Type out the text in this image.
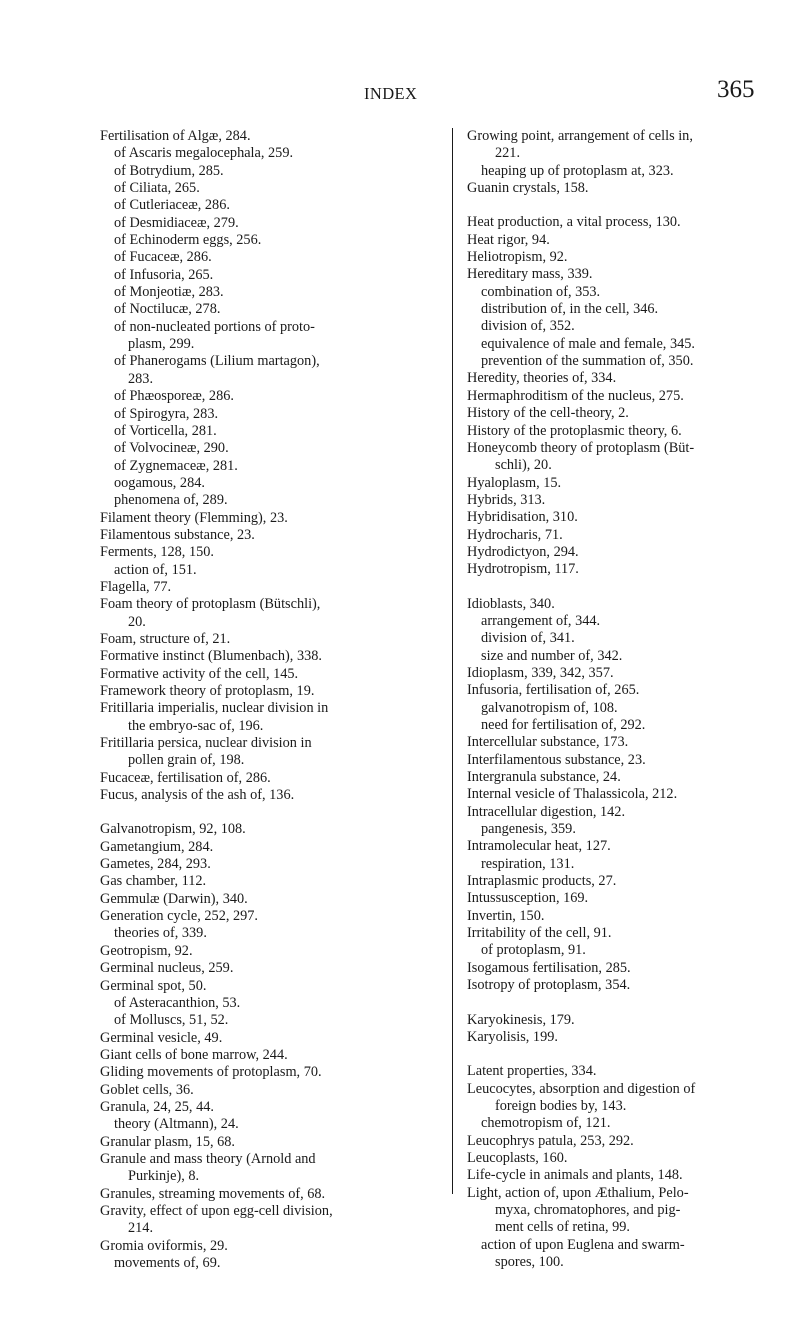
INDEX	365
Fertilisation of Algæ, 284.
of Ascaris megalocephala, 259.
of Botrydium, 285.
of Ciliata, 265.
of Cutleriaceæ, 286.
of Desmidiaceæ, 279.
of Echinoderm eggs, 256.
of Fucaceæ, 286.
of Infusoria, 265.
of Monjeotiæ, 283.
of Noctilucæ, 278.
of non-nucleated portions of proto-
plasm, 299.
of Phanerogams (Lilium martagon),
283.
of Phæosporeæ, 286.
of Spirogyra, 283.
of Vorticella, 281.
of Volvocineæ, 290.
of Zygnemaceæ, 281.
oogamous, 284.
phenomena of, 289.
Filament theory (Flemming), 23.
Filamentous substance, 23.
Ferments, 128, 150.
action of, 151.
Flagella, 77.
Foam theory of protoplasm (Bütschli),
20.
Foam, structure of, 21.
Formative instinct (Blumenbach), 338.
Formative activity of the cell, 145.
Framework theory of protoplasm, 19.
Fritillaria imperialis, nuclear division in
the embryo-sac of, 196.
Fritillaria persica, nuclear division in
pollen grain of, 198.
Fucaceæ, fertilisation of, 286.
Fucus, analysis of the ash of, 136.
Galvanotropism, 92, 108.
Gametangium, 284.
Gametes, 284, 293.
Gas chamber, 112.
Gemmulæ (Darwin), 340.
Generation cycle, 252, 297.
theories of, 339.
Geotropism, 92.
Germinal nucleus, 259.
Germinal spot, 50.
of Asteracanthion, 53.
of Molluscs, 51, 52.
Germinal vesicle, 49.
Giant cells of bone marrow, 244.
Gliding movements of protoplasm, 70.
Goblet cells, 36.
Granula, 24, 25, 44.
theory (Altmann), 24.
Granular plasm, 15, 68.
Granule and mass theory (Arnold and
Purkinje), 8.
Granules, streaming movements of, 68.
Gravity, effect of upon egg-cell division,
214.
Gromia oviformis, 29.
movements of, 69.
Growing point, arrangement of cells in,
221.
heaping up of protoplasm at, 323.
Guanin crystals, 158.
Heat production, a vital process, 130.
Heat rigor, 94.
Heliotropism, 92.
Hereditary mass, 339.
combination of, 353.
distribution of, in the cell, 346.
division of, 352.
equivalence of male and female, 345.
prevention of the summation of, 350.
Heredity, theories of, 334.
Hermaphroditism of the nucleus, 275.
History of the cell-theory, 2.
History of the protoplasmic theory, 6.
Honeycomb theory of protoplasm (Büt-
schli), 20.
Hyaloplasm, 15.
Hybrids, 313.
Hybridisation, 310.
Hydrocharis, 71.
Hydrodictyon, 294.
Hydrotropism, 117.
Idioblasts, 340.
arrangement of, 344.
division of, 341.
size and number of, 342.
Idioplasm, 339, 342, 357.
Infusoria, fertilisation of, 265.
galvanotropism of, 108.
need for fertilisation of, 292.
Intercellular substance, 173.
Interfilamentous substance, 23.
Intergranula substance, 24.
Internal vesicle of Thalassicola, 212.
Intracellular digestion, 142.
pangenesis, 359.
Intramolecular heat, 127.
respiration, 131.
Intraplasmic products, 27.
Intussusception, 169.
Invertin, 150.
Irritability of the cell, 91.
of protoplasm, 91.
Isogamous fertilisation, 285.
Isotropy of protoplasm, 354.
Karyokinesis, 179.
Karyolisis, 199.
Latent properties, 334.
Leucocytes, absorption and digestion of
foreign bodies by, 143.
chemotropism of, 121.
Leucophrys patula, 253, 292.
Leucoplasts, 160.
Life-cycle in animals and plants, 148.
Light, action of, upon Æthalium, Pelo-
myxa, chromatophores, and pig-
ment cells of retina, 99.
action of upon Euglena and swarm-
spores, 100.
